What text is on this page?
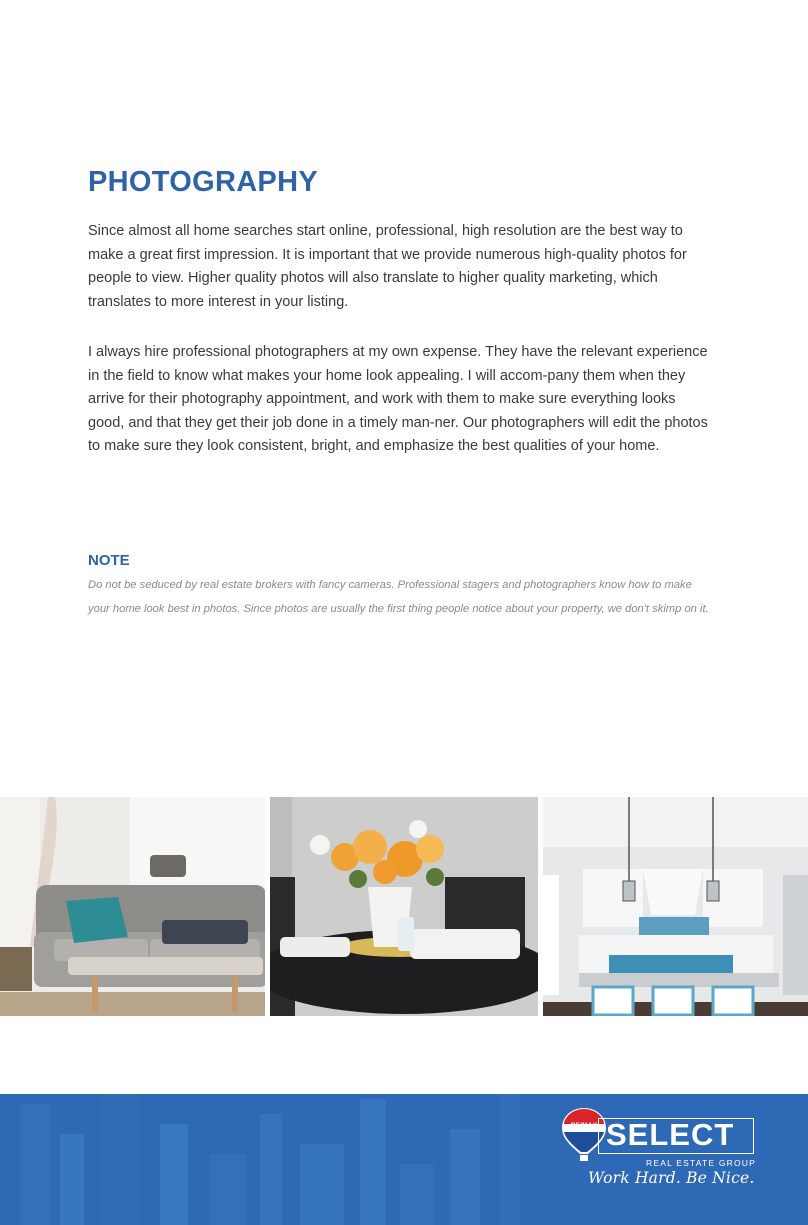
PHOTOGRAPHY

Since almost all home searches start online, professional, high resolution are the best way to make a great first impression. It is important that we provide numerous high-quality photos for people to view. Higher quality photos will also translate to higher quality marketing, which translates to more interest in your listing.

I always hire professional photographers at my own expense. They have the relevant experience in the field to know what makes your home look appealing. I will accom-pany them when they arrive for their photography appointment, and work with them to make sure everything looks good, and that they get their job done in a timely man-ner. Our photographers will edit the photos to make sure they look consistent, bright, and emphasize the best qualities of your home.

NOTE

Do not be seduced by real estate brokers with fancy cameras. Professional stagers and photographers know how to make your home look best in photos. Since photos are usually the first thing people notice about your property, we don't skimp on it.

RE/MAX SELECT
REAL ESTATE GROUP
Work Hard. Be Nice.
